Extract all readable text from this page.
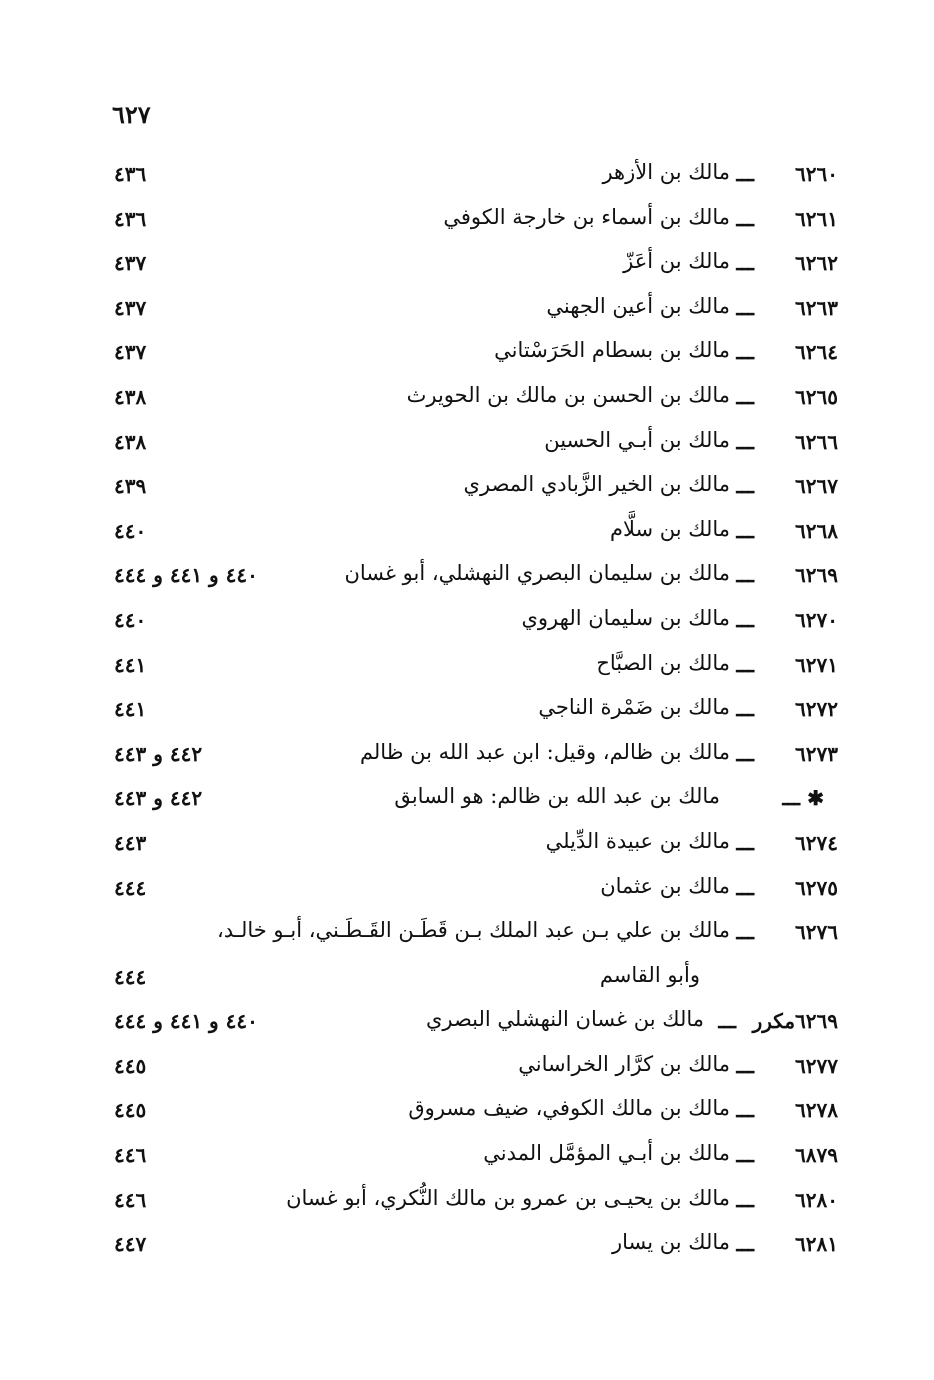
٦٢٧
٦٢٦٠
ـــ
مالك بن الأزهر
٤٣٦
٦٢٦١
ـــ
مالك بن أسماء بن خارجة الكوفي
٤٣٦
٦٢٦٢
ـــ
مالك بن أعَزّ
٤٣٧
٦٢٦٣
ـــ
مالك بن أعين الجهني
٤٣٧
٦٢٦٤
ـــ
مالك بن بسطام الحَرَسْتاني
٤٣٧
٦٢٦٥
ـــ
مالك بن الحسن بن مالك بن الحويرث
٤٣٨
٦٢٦٦
ـــ
مالك بن أبـي الحسين
٤٣٨
٦٢٦٧
ـــ
مالك بن الخير الزَّبادي المصري
٤٣٩
٦٢٦٨
ـــ
مالك بن سلَّام
٤٤٠
٦٢٦٩
ـــ
مالك بن سليمان البصري النهشلي، أبو غسان
٤٤٠ و ٤٤١ و ٤٤٤
٦٢٧٠
ـــ
مالك بن سليمان الهروي
٤٤٠
٦٢٧١
ـــ
مالك بن الصبَّاح
٤٤١
٦٢٧٢
ـــ
مالك بن ضَمْرة الناجي
٤٤١
٦٢٧٣
ـــ
مالك بن ظالم، وقيل: ابن عبد الله بن ظالم
٤٤٢ و ٤٤٣
✱
ـــ
مالك بن عبد الله بن ظالم: هو السابق
٤٤٢ و ٤٤٣
٦٢٧٤
ـــ
مالك بن عبيدة الدِّيلي
٤٤٣
٦٢٧٥
ـــ
مالك بن عثمان
٤٤٤
٦٢٧٦
ـــ
مالك بن علي بـن عبد الملك بـن قَطَـن القَـطَـني، أبـو خالـد،
وأبو القاسم
٤٤٤
٦٢٦٩مكرر
ـــ
مالك بن غسان النهشلي البصري
٤٤٠ و ٤٤١ و ٤٤٤
٦٢٧٧
ـــ
مالك بن كرَّار الخراساني
٤٤٥
٦٢٧٨
ـــ
مالك بن مالك الكوفي، ضيف مسروق
٤٤٥
٦٨٧٩
ـــ
مالك بن أبـي المؤمَّل المدني
٤٤٦
٦٢٨٠
ـــ
مالك بن يحيـى بن عمرو بن مالك النُّكري، أبو غسان
٤٤٦
٦٢٨١
ـــ
مالك بن يسار
٤٤٧
